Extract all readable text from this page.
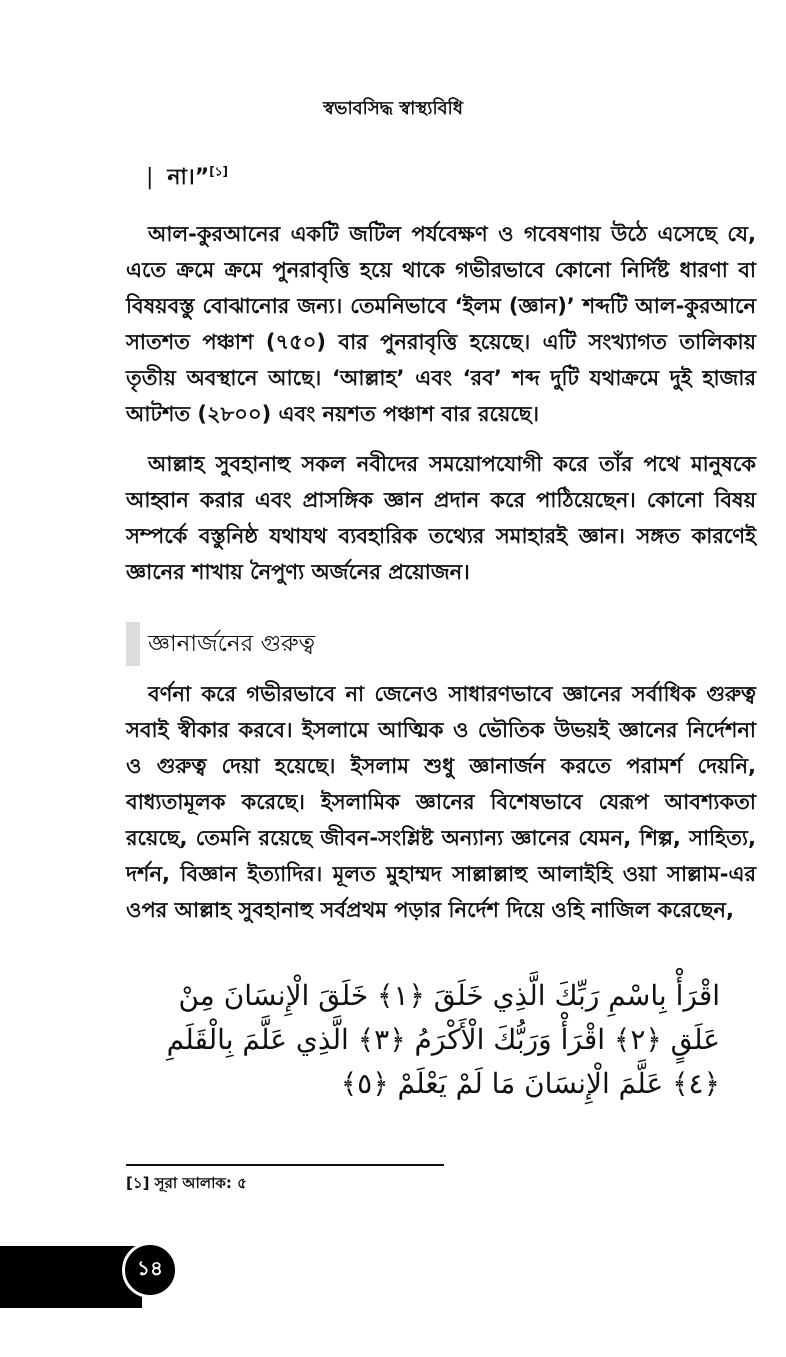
স্বভাবসিদ্ধ স্বাস্থ্যবিধি
| না।”[১]

আল-কুরআনের একটি জটিল পর্যবেক্ষণ ও গবেষণায় উঠে এসেছে যে, এতে ক্রমে ক্রমে পুনরাবৃত্তি হয়ে থাকে গভীরভাবে কোনো নির্দিষ্ট ধারণা বা বিষয়বস্তু বোঝানোর জন্য। তেমনিভাবে ‘ইলম (জ্ঞান)’ শব্দটি আল-কুরআনে সাতশত পঞ্চাশ (৭৫০) বার পুনরাবৃত্তি হয়েছে। এটি সংখ্যাগত তালিকায় তৃতীয় অবস্থানে আছে। ‘আল্লাহ’ এবং ‘রব’ শব্দ দুটি যথাক্রমে দুই হাজার আটশত (২৮০০) এবং নয়শত পঞ্চাশ বার রয়েছে।

আল্লাহ সুবহানাহু সকল নবীদের সময়োপযোগী করে তাঁর পথে মানুষকে আহ্বান করার এবং প্রাসঙ্গিক জ্ঞান প্রদান করে পাঠিয়েছেন। কোনো বিষয় সম্পর্কে বস্তুনিষ্ঠ যথাযথ ব্যবহারিক তথ্যের সমাহারই জ্ঞান। সঙ্গত কারণেই জ্ঞানের শাখায় নৈপুণ্য অর্জনের প্রয়োজন।

জ্ঞানার্জনের গুরুত্ব

বর্ণনা করে গভীরভাবে না জেনেও সাধারণভাবে জ্ঞানের সর্বাধিক গুরুত্ব সবাই স্বীকার করবে। ইসলামে আত্মিক ও ভৌতিক উভয়ই জ্ঞানের নির্দেশনা ও গুরুত্ব দেয়া হয়েছে। ইসলাম শুধু জ্ঞানার্জন করতে পরামর্শ দেয়নি, বাধ্যতামূলক করেছে। ইসলামিক জ্ঞানের বিশেষভাবে যেরূপ আবশ্যকতা রয়েছে, তেমনি রয়েছে জীবন-সংশ্লিষ্ট অন্যান্য জ্ঞানের যেমন, শিল্প, সাহিত্য, দর্শন, বিজ্ঞান ইত্যাদির। মূলত মুহাম্মদ সাল্লাল্লাহু আলাইহি ওয়া সাল্লাম-এর ওপর আল্লাহ সুবহানাহু সর্বপ্রথম পড়ার নির্দেশ দিয়ে ওহি নাজিল করেছেন,

اقْرَأْ بِاسْمِ رَبِّكَ الَّذِي خَلَقَ ﴿١﴾ خَلَقَ الْإِنسَانَ مِنْ عَلَقٍ ﴿٢﴾ اقْرَأْ وَرَبُّكَ الْأَكْرَمُ ﴿٣﴾ الَّذِي عَلَّمَ بِالْقَلَمِ ﴿٤﴾ عَلَّمَ الْإِنسَانَ مَا لَمْ يَعْلَمْ ﴿٥﴾

[১] সূরা আলাক: ৫
১৪
